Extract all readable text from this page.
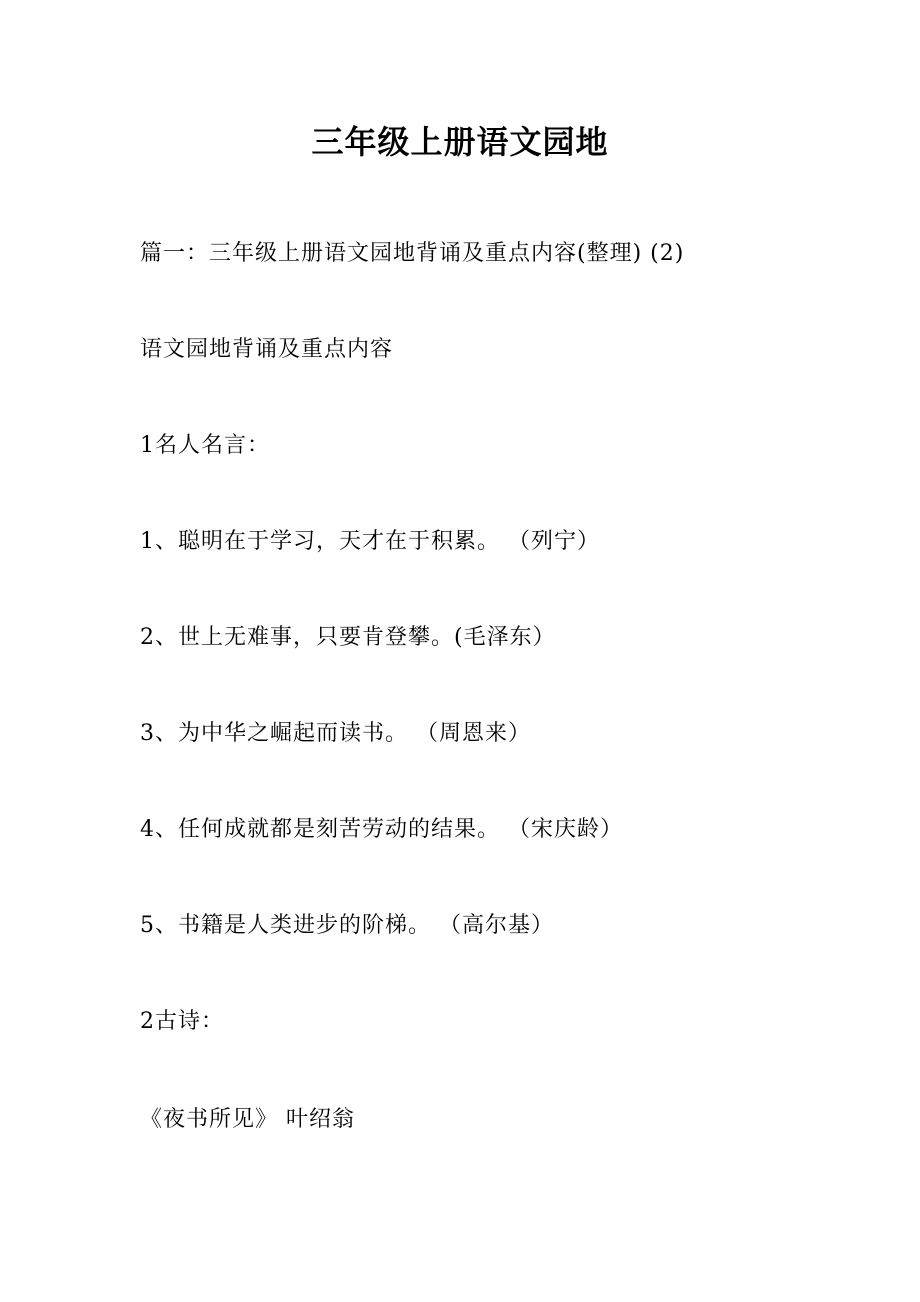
三年级上册语文园地
篇一：三年级上册语文园地背诵及重点内容(整理) (2)
语文园地背诵及重点内容
1名人名言：
1、聪明在于学习，天才在于积累。 （列宁）
2、世上无难事，只要肯登攀。(毛泽东）
3、为中华之崛起而读书。 （周恩来）
4、任何成就都是刻苦劳动的结果。 （宋庆龄）
5、书籍是人类进步的阶梯。 （高尔基）
2古诗：
《夜书所见》 叶绍翁
